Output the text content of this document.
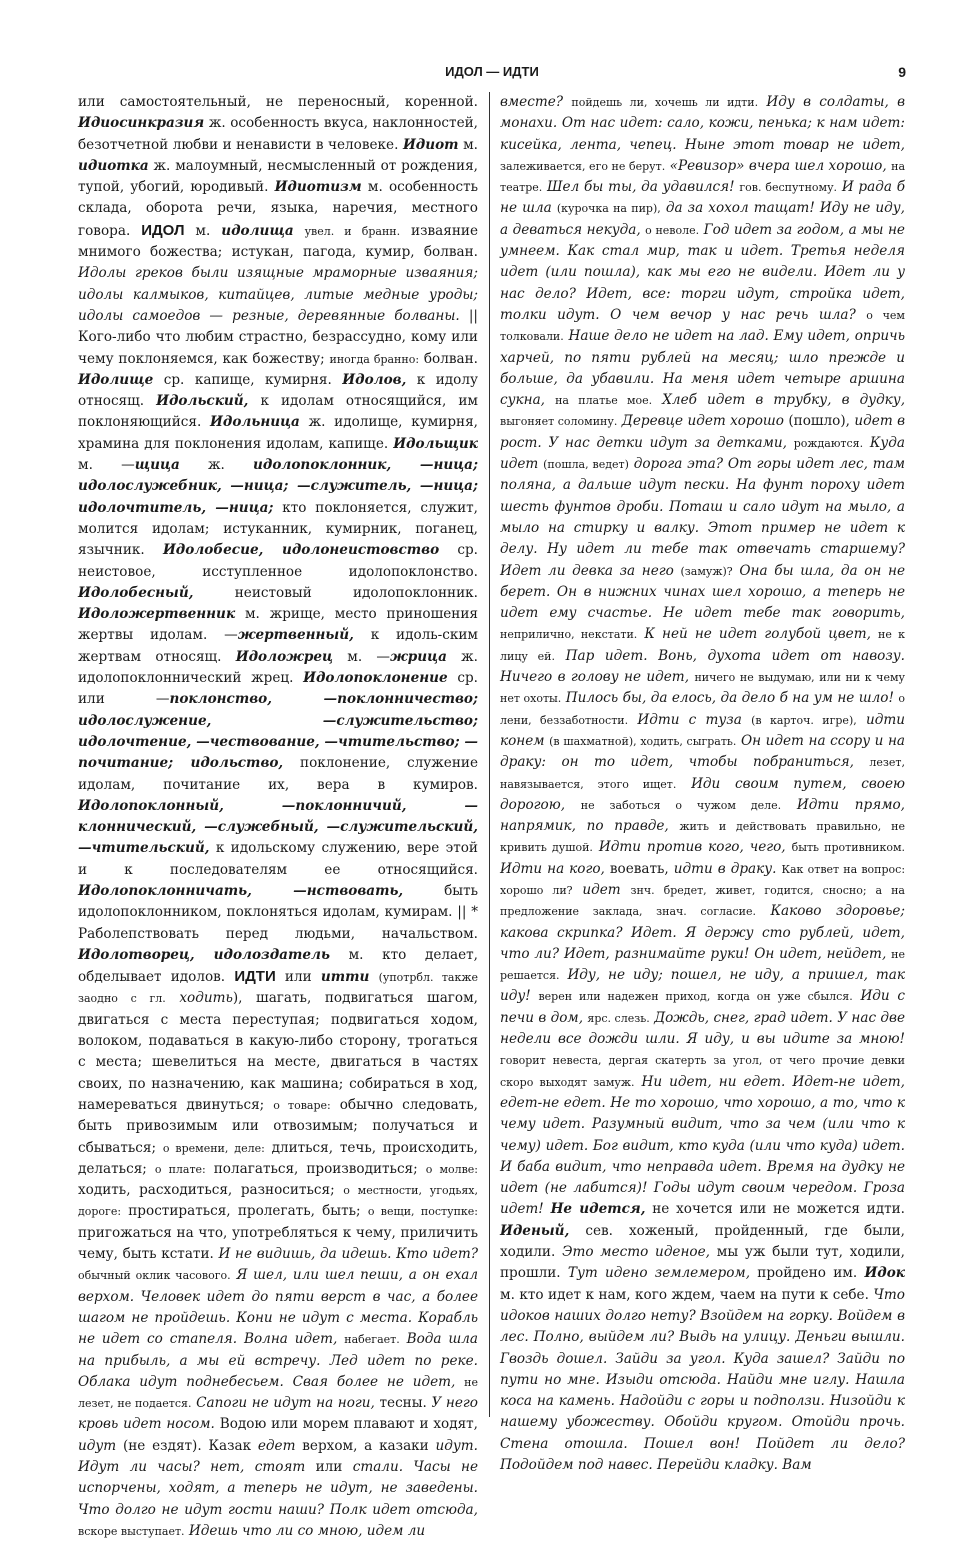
ИДОЛ — ИДТИ	9

или самостоятельный, не переносный, коренной. Идиосинкразия ж. особенность вкуса, наклонностей, безотчетной любви и ненависти в человеке. Идиот м. идиотка ж. малоумный, несмысленный от рождения, тупой, убогий, юродивый. Идиотизм м. особенность склада, оборота речи, языка, наречия, местного говора. ИДОЛ м. идолища увел. и бранн. изваяние мнимого божества; истукан, пагода, кумир, болван. Идолы греков были изящные мраморные изваяния; идолы калмыков, китайцев, литые медные уроды; идолы самоедов — резные, деревянные болваны. || Кого-либо что любим страстно, безрассудно, кому или чему поклоняемся, как божеству; иногда бранно: болван. Идолище ср. капище, кумирня. Идолов, к идолу относящ. Идольский, к идолам относящийся, им поклоняющийся. Идольница ж. идолище, кумирня, храмина для поклонения идолам, капище. Идольщик м. —щица ж. идолопоклонник, —ница; идолослужебник, —ница; —служитель, —ница; идолочтитель, —ница; кто поклоняется, служит, молится идолам; истуканник, кумирник, поганец, язычник. Идолобесие, идолонеистовство ср. неистовое, исступленное идолопоклонство. Идолобесный,	неистовый идолопоклонник. Идоложертвенник м. жрище, место приношения жертвы идолам. —жертвенный, к идоль-ским жертвам относящ. Идоложрец м. —жрица ж. идолопоклоннический жрец. Идолопоклонение ср. или —поклонство, —поклонничество; идолослужение, —служительство; идолочтение, —чествование, —чтительство; —почитание; идольство, поклонение, служение идолам, почитание их, вера в кумиров. Идолопоклонный, —поклонничий, —клоннический, —служебный, —служительский, —чтительский, к идольскому служению, вере этой и к последователям ее относящийся. Идолопоклонничать, —нствовать,	быть идолопоклонником, поклоняться идолам, кумирам. || * Раболепствовать перед людьми, начальством. Идолотворец, идолоздатель м. кто делает, обделывает идолов. ИДТИ или итти (употрбл. также заодно с гл. ходить), шагать, подвигаться шагом, двигаться с места переступая; подвигаться ходом, волоком, подаваться в какую-либо сторону, трогаться с места; шевелиться на месте, двигаться в частях своих, по назначению, как машина; собираться в ход, намереваться двинуться; о товаре: обычно следовать, быть привозимым или отвозимым; получаться и сбываться; о времени, деле: длиться, течь, происходить, делаться; о плате: полагаться, производиться; о молве: ходить, расходиться, разноситься; о местности, угодьях, дороге: простираться, пролегать, быть; о вещи, поступке: пригожаться на что, употребляться к чему, приличить чему, быть кстати. И не видишь, да идешь. Кто идет? обычный оклик часового. Я шел, или шел пеши, а он ехал верхом. Человек идет до пяти верст в час, а более шагом не пройдешь. Кони не идут с места. Корабль не идет со стапеля. Волна идет, набегает. Вода шла на прибыль, а мы ей встречу. Лед идет по реке. Облака идут поднебесьем. Свая более не идет, не лезет, не подается. Сапоги не идут на ноги, тесны. У него кровь идет носом. Водою или морем плавают и ходят, идут (не ездят). Казак едет верхом, а казаки идут. Идут ли часы? нет, стоят или стали. Часы не испорчены, ходят, а теперь не идут, не заведены. Что долго не идут гости наши? Полк идет отсюда, вскоре выступает. Идешь что ли со мною, идем ли

вместе? пойдешь ли, хочешь ли идти. Иду в солдаты, в монахи. От нас идет: сало, кожи, пенька; к нам идет: кисейка, лента, чепец. Ныне этот товар не идет, залеживается, его не берут. «Ревизор» вчера шел хорошо, на театре. Шел бы ты, да удавился! гов. беспутному. И рада б не шла (курочка на пир), да за хохол тащат! Иду не иду, а деваться некуда, о неволе. Год идет за годом, а мы не умнеем. Как стал мир, так и идет. Третья неделя идет (или пошла), как мы его не видели. Идет ли у нас дело? Идет, все: торги идут, стройка идет, толки идут. О чем вечор у нас речь шла? о чем толковали. Наше дело не идет на лад. Ему идет, опричь харчей, по пяти рублей на месяц; шло прежде и больше, да убавили. На меня идет четыре аршина сукна, на платье мое. Хлеб идет в трубку, в дудку, выгоняет соломину. Деревце идет хорошо (пошло), идет в рост. У нас детки идут за детками, рождаются. Куда идет (пошла, ведет) дорога эта? От горы идет лес, там поляна, а дальше идут пески. На фунт пороху идет шесть фунтов дроби. Поташ и сало идут на мыло, а мыло на стирку и валку. Этот пример не идет к делу. Ну идет ли тебе так отвечать старшему? Идет ли девка за него (замуж)? Она бы шла, да он не берет. Он в нижних чинах шел хорошо, а теперь не идет ему счастье. Не идет тебе так говорить, неприлично, некстати. К ней не идет голубой цвет, не к лицу ей. Пар идет. Вонь, духота идет от навозу. Ничего в голову не идет, ничего не выдумаю, или ни к чему нет охоты. Пилось бы, да елось, да дело б на ум не шло! о лени, беззаботности. Идти с туза (в карточ. игре), идти конем (в шахматной), ходить, сыграть. Он идет на ссору и на драку: он то идет, чтобы побраниться, лезет, навязывается, этого ищет. Иди своим путем, своею дорогою, не заботься о чужом деле. Идти прямо, напрямик, по правде, жить и действовать правильно, не кривить душой. Идти против кого, чего, быть противником. Идти на кого, воевать, идти в драку. Как ответ на вопрос: хорошо ли? идет знч. бредет, живет, годится, сносно; а на предложение заклада, знач. согласие. Каково здоровье; какова скрипка? Идет. Я держу сто рублей, идет, что ли? Идет, разнимайте руки! Он идет, нейдет, не решается. Иду, не иду; пошел, не иду, а пришел, так иду! верен или надежен приход, когда он уже сбылся. Иди с печи в дом, ярс. слезь. Дождь, снег, град идет. У нас две недели все дожди шли. Я иду, и вы идите за мною! говорит невеста, дергая скатерть за угол, от чего прочие девки скоро выходят замуж. Ни идет, ни едет. Идет-не идет, едет-не едет. Не то хорошо, что хорошо, а то, что к чему идет. Разумный видит, что за чем (или что к чему) идет. Бог видит, кто куда (или что куда) идет. И баба видит, что неправда идет. Время на дудку не идет (не лабится)! Годы идут своим чередом. Гроза идет! Не идется, не хочется или не можется идти. Иденый, сев. хоженый, пройденный, где были, ходили. Это место иденое, мы уж были тут, ходили, прошли. Тут идено землемером, пройдено им. Идок м. кто идет к нам, кого ждем, чаем на пути к себе. Что идоков наших долго нету? Взойдем на горку. Войдем в лес. Полно, выйдем ли? Выдь на улицу. Деньги вышли. Гвоздь дошел. Зайди за угол. Куда зашел? Зайди по пути но мне. Изыди отсюда. Найди мне иглу. Нашла коса на камень. Надойди с горы и подползи. Низойди к нашему убожеству. Обойди кругом. Отойди прочь. Стена отошла. Пошел вон! Пойдет ли дело? Подойдем под навес. Перейди кладку. Вам
